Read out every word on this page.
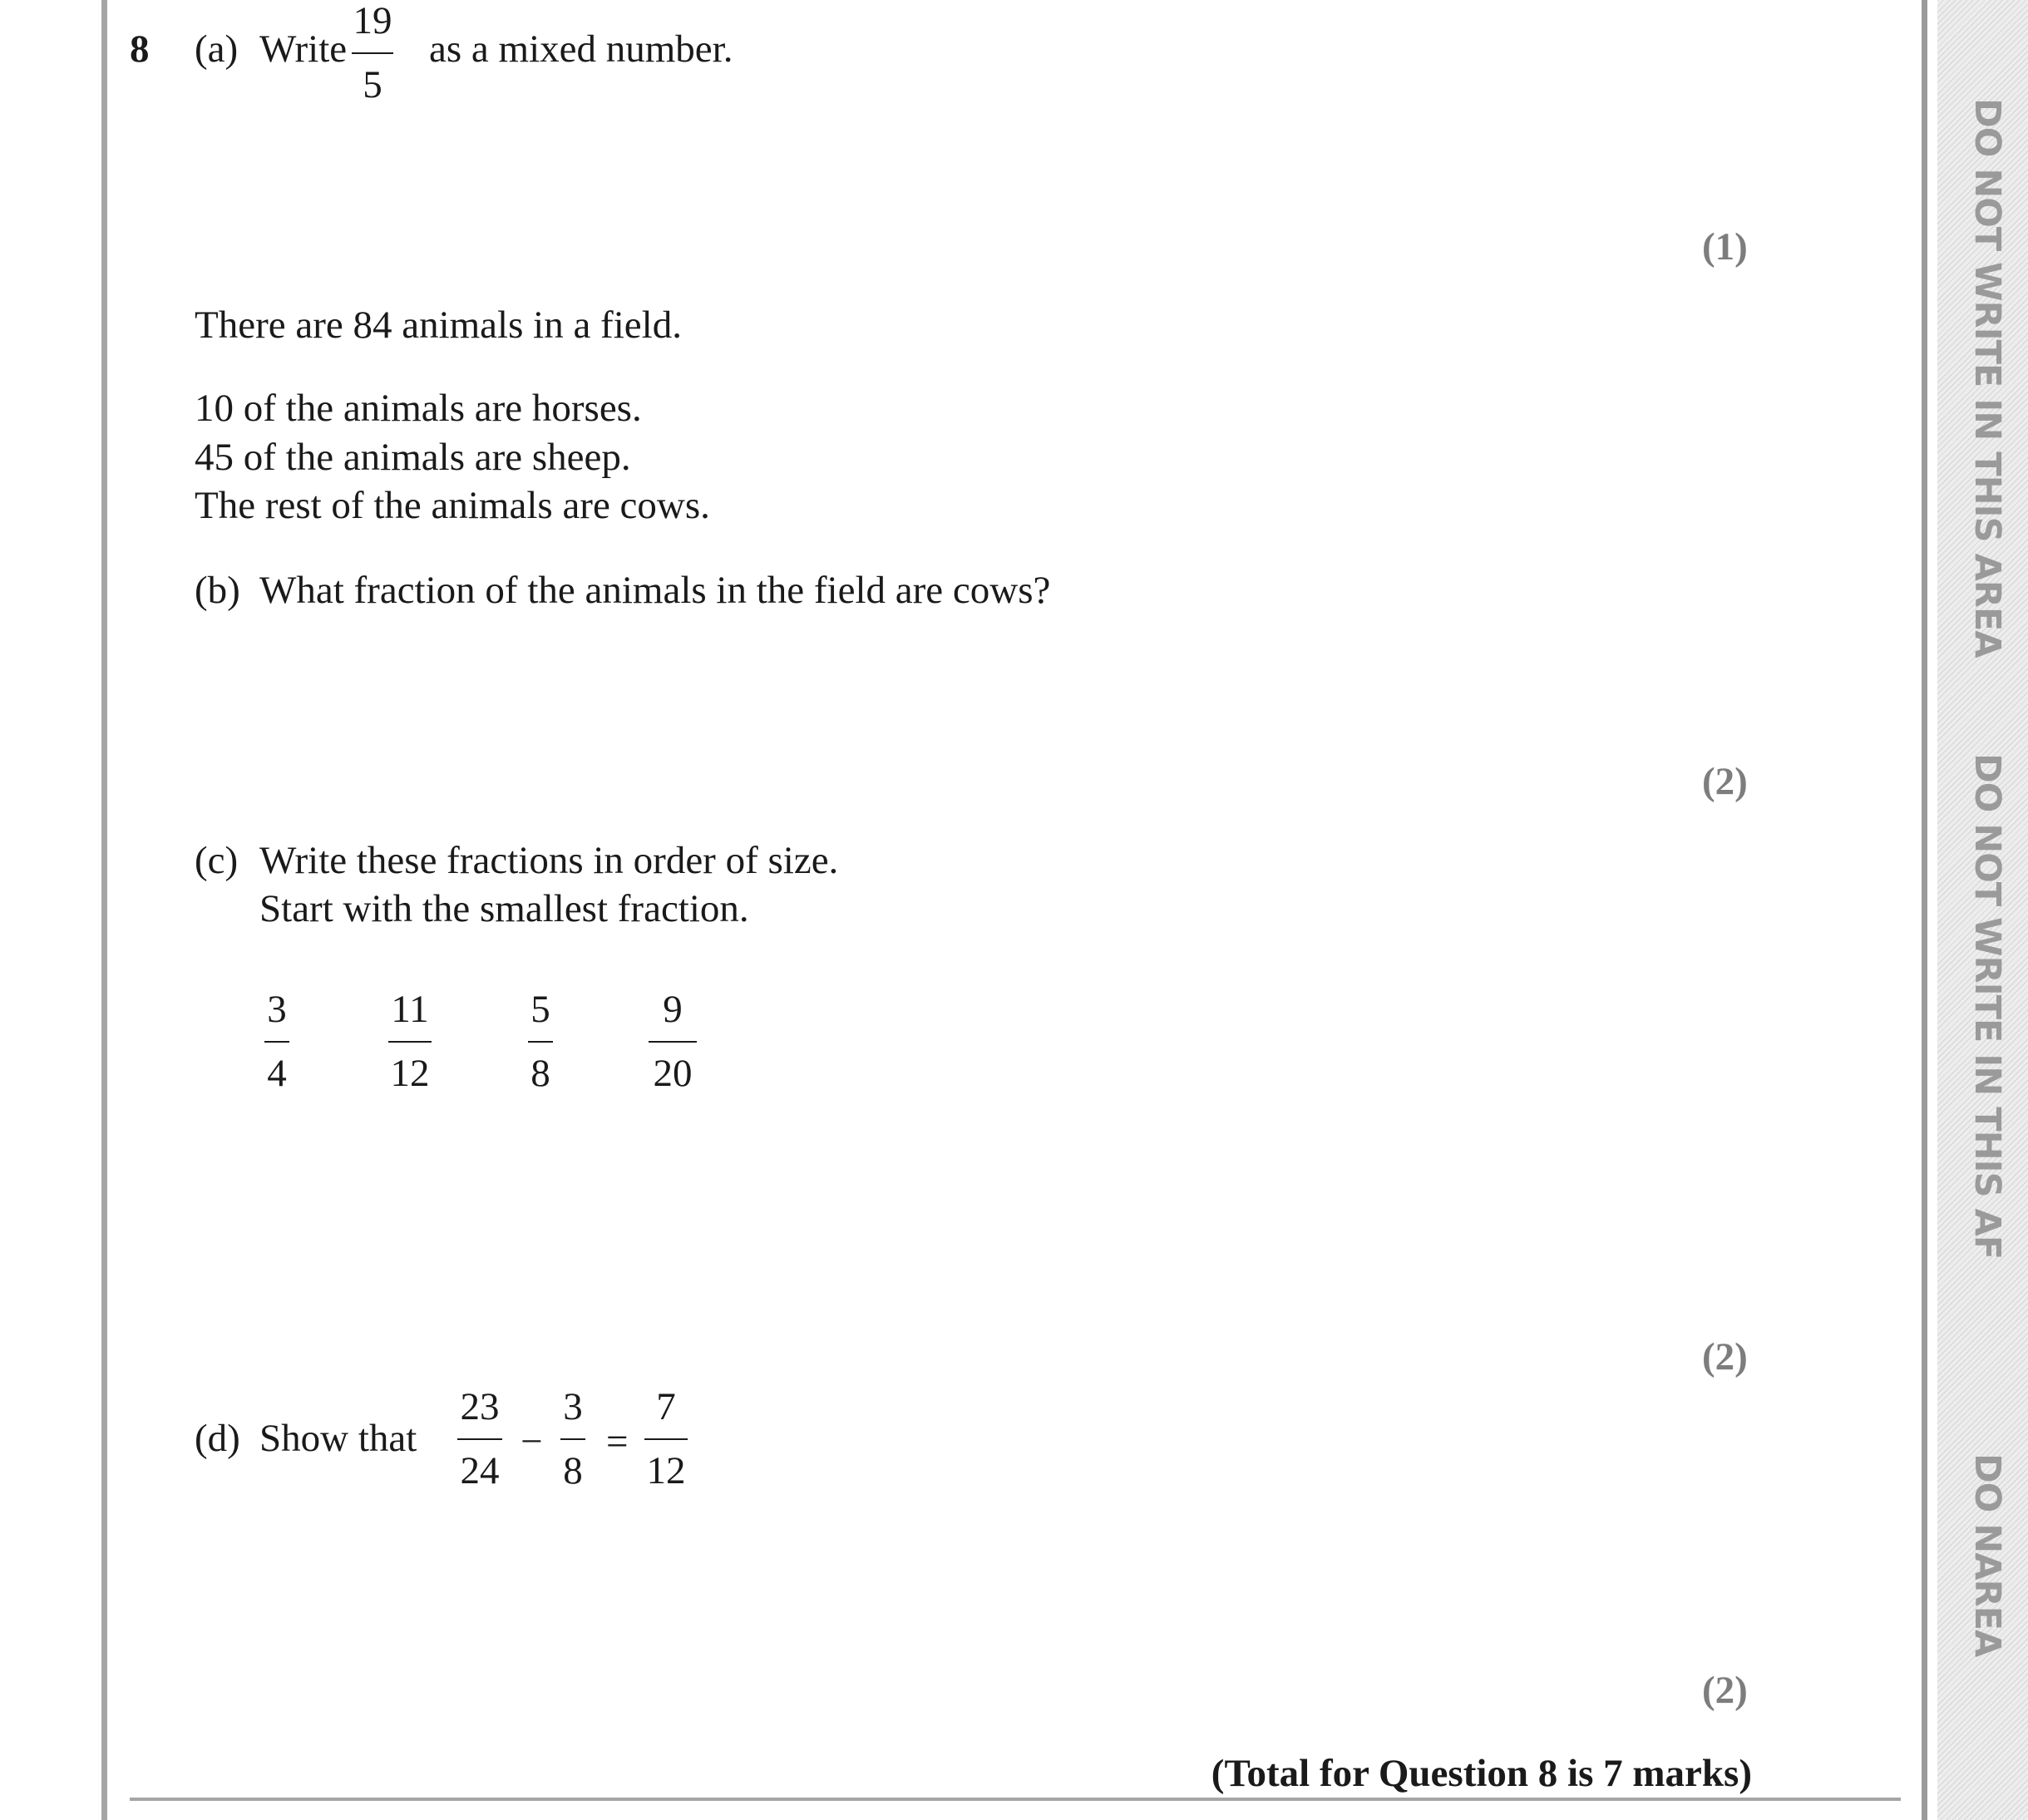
DO NOT WRITE IN THIS AREA
DO NOT WRITE IN THIS AF
DO NAREA
8 (a) Write
19
5
as a mixed number.
(1)
There are 84 animals in a field.
10 of the animals are horses.
45 of the animals are sheep.
The rest of the animals are cows.
(b) What fraction of the animals in the field are cows?
(2)
(c) Write these fractions in order of size.
Start with the smallest fraction.
3
4
11
12
5
8
9
20
(2)
(d) Show that
23
24
−
3
8
=
7
12
(2)
(Total for Question 8 is 7 marks)
